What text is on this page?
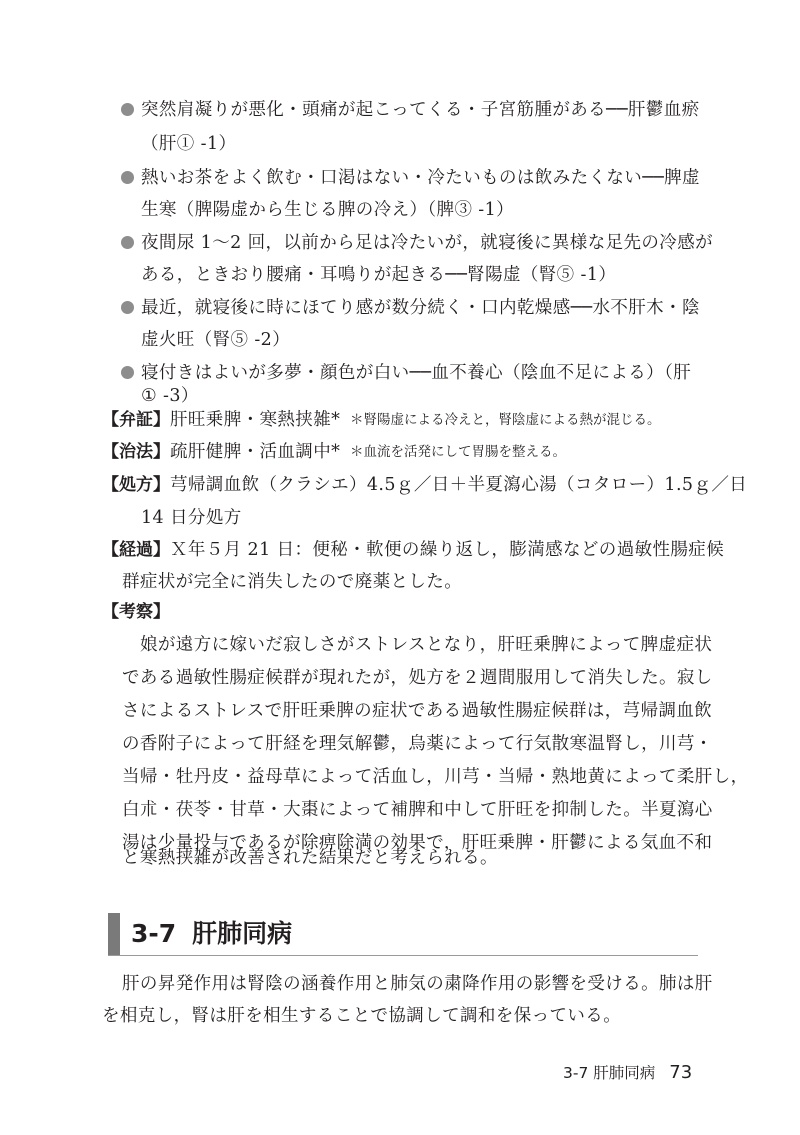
突然肩凝りが悪化・頭痛が起こってくる・子宮筋腫がある──肝鬱血瘀
（肝① -1）
熱いお茶をよく飲む・口渇はない・冷たいものは飲みたくない──脾虚
生寒（脾陽虚から生じる脾の冷え）（脾③ -1）
夜間尿 1〜2 回，以前から足は冷たいが，就寝後に異様な足先の冷感が
ある，ときおり腰痛・耳鳴りが起きる──腎陽虚（腎⑤ -1）
最近，就寝後に時にほてり感が数分続く・口内乾燥感──水不肝木・陰
虚火旺（腎⑤ -2）
寝付きはよいが多夢・顔色が白い──血不養心（陰血不足による）（肝
① -3）
【弁証】 肝旺乗脾・寒熱挟雑* ＊腎陽虚による冷えと，腎陰虚による熱が混じる。
【治法】 疏肝健脾・活血調中* ＊血流を活発にして胃腸を整える。
【処方】 芎帰調血飲（クラシエ）4.5ｇ／日＋半夏瀉心湯（コタロー）1.5ｇ／日
14 日分処方
【経過】 Ｘ年５月 21 日：便秘・軟便の繰り返し，膨満感などの過敏性腸症候
群症状が完全に消失したので廃薬とした。
【考察】
娘が遠方に嫁いだ寂しさがストレスとなり，肝旺乗脾によって脾虚症状
である過敏性腸症候群が現れたが，処方を２週間服用して消失した。寂し
さによるストレスで肝旺乗脾の症状である過敏性腸症候群は，芎帰調血飲
の香附子によって肝経を理気解鬱，烏薬によって行気散寒温腎し，川芎・
当帰・牡丹皮・益母草によって活血し，川芎・当帰・熟地黄によって柔肝し，
白朮・茯苓・甘草・大棗によって補脾和中して肝旺を抑制した。半夏瀉心
湯は少量投与であるが除痹除満の効果で，肝旺乗脾・肝鬱による気血不和
と寒熱挟雑が改善された結果だと考えられる。
3-7 肝肺同病
肝の昇発作用は腎陰の涵養作用と肺気の粛降作用の影響を受ける。肺は肝
を相克し，腎は肝を相生することで協調して調和を保っている。
3-7 肝肺同病 73
